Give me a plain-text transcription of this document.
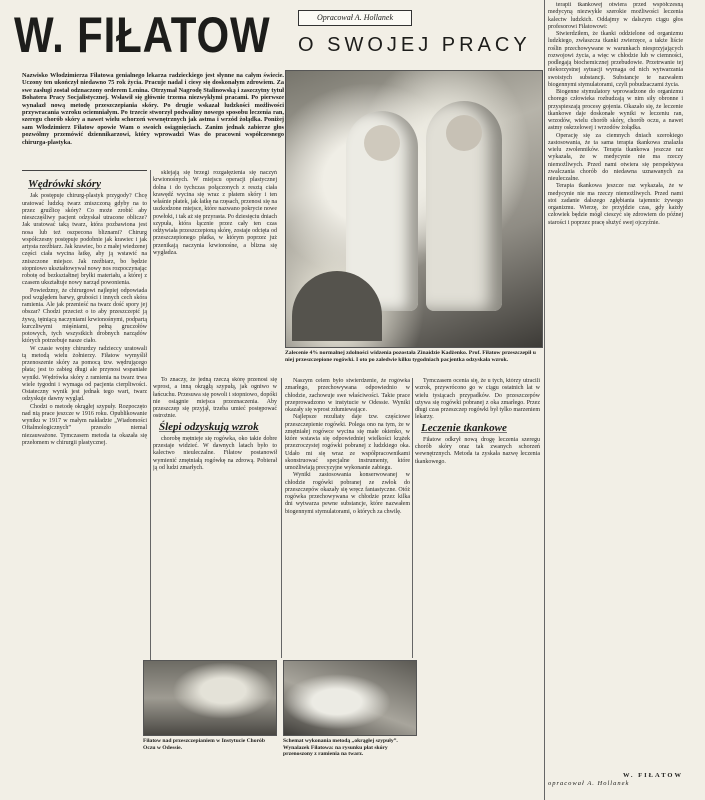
W. FIŁATOW	Opracował A. Hollanek
O SWOJEJ PRACY

Nazwisko Włodzimierza Fiłatowa genialnego lekarza radzieckiego jest słynne na całym świecie. Uczony ten ukończył niedawno 75 rok życia. Pracuje nadal i ciesy się doskonałym zdrowiem. Za swe zasługi został odznaczony orderem Lenina. Otrzymał Nagrodę Stalinowską i zaszczytny tytuł Bohatera Pracy Socjalistycznej. Wsławił się głównie trzema niezwykłymi pracami. Po pierwsze wynalazł nową metodę przeszczepiania skóry. Po drugie wskazał ludzkości możliwości przywracania wzroku ociemniałym. Po trzecie stworzył podwaliny nowego sposobu leczenia ran, szeregu chorób skóry a nawet wielu schorzeń wewnętrznych jak astma i wrzód żołądka. Poniżej sam Włodzimierz Fiłatow opowie Wam o swoich osiągnięciach. Zanim jednak zabierze głos pozwólmy przemówić dziennikarzowi, który wprowadzi Was do pracowni współczesnego chirurga-plastyka.

Wędrówki skóry

Jak postępuje chirurg-plastyk przygody? Chcę uratować ludzką twarz zniszczoną gdyby na to przez gruźlicę skóry? Co może zrobić aby nieszczęśliwy pacjent odzyskał utracone oblicze? Jak uratować taką twarz, która pozbawiona jest nosa lub też oszpecona bliznami? Chirurg współczesny postępuje podobnie jak krawiec i jak artysta rzeźbiarz. Jak krawiec, bo z małej wiedzenej części ciała wycina łatkę, aby ją wstawić na zniszczone miejsce. Jak rzeźbiarz, bo będzie stopniowo ukształtowywał nowy nos rozpoczynając robotę od bezkształtnej bryłki materiału, a której z czasem ukształtuje nowy narząd powonienia.

Powiedzmy, że chirurgowi najlepiej odpowiada pod względem barwy, grubości i innych cech skóra ramienia. Ale jak przenieść na twarz dość spory jej obszar? Chodzi przecież o to aby przeszczepić ją żywą, tętniącą naczyniami krwionośnymi, podpartą kurczliwymi mięśniami, pełną gruczołów potowych, tych wszystkich drobnych narządów których potrzebuje nasze ciało.

W czasie wojny chirurdzy radzieccy uratowali tą metodą wielu żołnierzy. Fiłatow wymyślił przenoszenie skóry za pomocą tzw. wędrującego płata; jest to zabieg długi ale przynosi wspaniałe wyniki. Wędrówka skóry z ramienia na twarz trwa wiele tygodni i wymaga od pacjenta cierpliwości. Ostateczny wynik jest jednak tego wart, twarz odzyskuje dawny wygląd.

Chodzi o metodę okrągłej szypuły. Rozpoczęto nad nią prace jeszcze w 1916 roku. Opublikowanie wyniku w 1917 w małym nakładzie „Wiadomości Oftalmologicznych” przeszło niemal niezauważone. Tymczasem metoda ta okazała się przełomem w chirurgii plastycznej.

sklejają się brzegi rozgałęzienia się naczyń krwionośnych. W miejscu operacji plastycznej dolna i do tychczas połączonych z resztą ciała krawędź wycina się wraz z płatem skóry i ten właśnie płatek, jak łatkę na rzęsach, przenosi się na uszkodzone miejsce, które nazwano pokrycie nowe powłoki, i tak aż się przyrasta. Po dziesięciu dniach szypuła, która łącznie przez cały ten czas odżywiała przeszczepioną skórę, zostaje odcięta od przeszczepionego płatka, w którym poprzez już przenikają naczynia krwionośne, a blizna się wygładza.

To znaczy, że jedną rzeczą skórę przenosi się wprost, a inną okrągłą szypułą, jak ogniwo w łańcuchu. Przesuwa się powoli i stopniowo, dopóki nie osiągnie miejsca przeznaczenia. Aby przeszczep się przyjął, trzeba umieć postępować ostrożnie.

Ślepi odzyskują wzrok

chorobę mętnieje się rogówka, oko takie dobre przestaje widzieć. W dawnych latach było to kalectwo nieuleczalne. Fiłatow postanowił wymienić zmętniałą rogówkę na zdrową. Pobierał ją od ludzi zmarłych.

Zalecenie 4% normalnej zdolności widzenia pozostała Zinaidzie Kadżenko. Prof. Fiłatow przeszczepił u niej przeszczepione rogówki. I oto po zaledwie kilku tygodniach pacjentka odzyskała wzrok.

Naszym celem było stwierdzenie, że rogówka zmarłego, przechowywana odpowiednio w chłodzie, zachowuje swe właściwości. Takie prace przeprowadzono w instytucie w Odessie. Wyniki okazały się wprost zdumiewające.

Najlepsze rezultaty daje tzw. częściowe przeszczepienie rogówki. Polega ono na tym, że w zmętniałej rogówce wycina się małe okienko, w które wstawia się odpowiedniej wielkości krążek przezroczystej rogówki pobranej z ludzkiego oka. Udało mi się wraz ze współpracownikami skonstruować specjalne instrumenty, które umożliwiają precyzyjne wykonanie zabiegu.

Wyniki zastosowania konserwowanej w chłodzie rogówki pobranej ze zwłok do przeszczepów okazały się wręcz fantastyczne. Otóż rogówka przechowywana w chłodzie przez kilka dni wytwarza pewne substancje, które nazwałem biogennymi stymulatorami, o których za chwilę.

Tymczasem ocenia się, że u tych, którzy utracili wzrok, przywrócono go w ciągu ostatnich lat w wielu tysiącach przypadków. Do przeszczepów używa się rogówki pobranej z oka zmarłego. Przez długi czas przeszczep rogówki był tylko marzeniem lekarzy.

Leczenie tkankowe

Fiłatow odkrył nową drogę leczenia szeregu chorób skóry oraz tak zwanych schorzeń wewnętrznych. Metoda ta zyskała nazwę leczenia tkankowego.

Fiłatow nad przeszczepianiem w Instytucie Chorób Oczu w Odessie.

Schemat wykonania metodą „okrągłej szypuły”. Wynalazek Fiłatowa: na rysunku płat skóry przenoszony z ramienia na twarz.

terapii tkankowej otwiera przed współczesną medycyną niezwykle szerokie możliwości leczenia kalectw ludzkich. Oddajmy w dalszym ciągu głos profesorowi Fiłatowowi:

Stwierdziłem, że tkanki oddzielone od organizmu ludzkiego, zwłaszcza tkanki zwierzęce, a także liście roślin przechowywane w warunkach niesprzyjających rozwojowi życia, a więc w chłodzie lub w ciemności, podlegają biochemicznej przebudowie. Przetrwanie tej niekorzystnej sytuacji wymaga od nich wytwarzania swoistych substancji. Substancje te nazwałem biogennymi stymulatorami, czyli pobudzaczami życia.

Biogenne stymulatory wprowadzone do organizmu chorego człowieka rozbudzają w nim siły obronne i przyspieszają procesy gojenia. Okazało się, że leczenie tkankowe daje doskonałe wyniki w leczeniu ran, wrzodów, wielu chorób skóry, chorób oczu, a nawet astmy oskrzelowej i wrzodów żołądka.

Operację się za ciemnych dniach szerokiego zastosowania, że ta sama terapia tkankowa znalazła wielu zwolenników. Terapia tkankowa jeszcze raz wykazała, że w medycynie nie ma rzeczy niemożliwych. Przed nami otwiera się perspektywa zwalczania chorób do niedawna uznawanych za nieuleczalne.

Terapia tkankowa jeszcze raz wykazała, że w medycynie nie ma rzeczy niemożliwych. Przed nami stoi zadanie dalszego zgłębiania tajemnic żywego organizmu. Wierzę, że przyjdzie czas, gdy każdy człowiek będzie mógł cieszyć się zdrowiem do późnej starości i poprzez pracę służyć swej ojczyźnie.

W. FIŁATOW
opracował A. Hollanek
